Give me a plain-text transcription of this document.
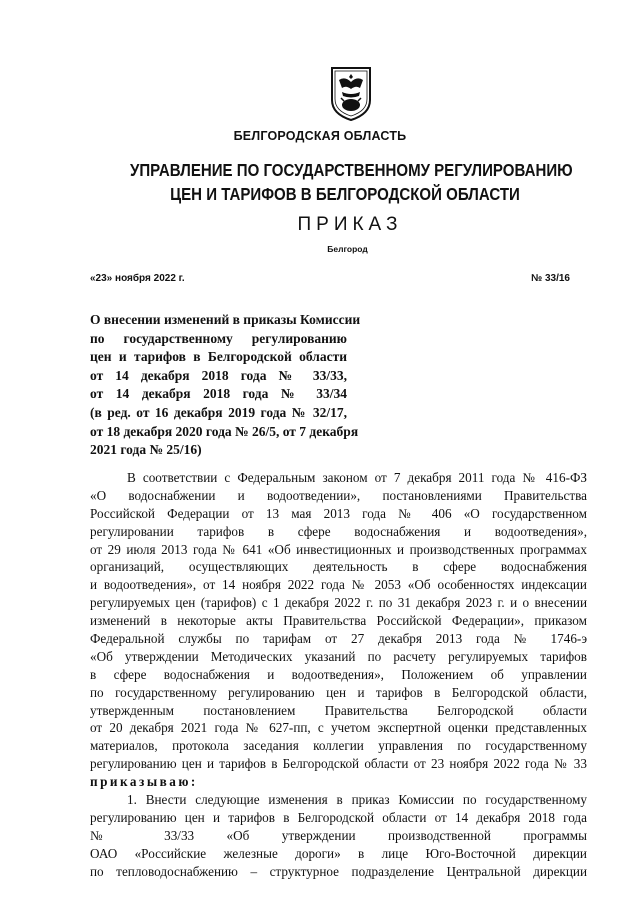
БЕЛГОРОДСКАЯ ОБЛАСТЬ
УПРАВЛЕНИЕ ПО ГОСУДАРСТВЕННОМУ РЕГУЛИРОВАНИЮ
ЦЕН И ТАРИФОВ В БЕЛГОРОДСКОЙ ОБЛАСТИ
ПРИКАЗ
Белгород
«23» ноября 2022 г.	№ 33/16
О внесении изменений в приказы Комиссии
по государственному регулированию
цен и тарифов в Белгородской области
от 14 декабря 2018 года № 33/33,
от 14 декабря 2018 года № 33/34
(в ред. от 16 декабря 2019 года № 32/17,
от 18 декабря 2020 года № 26/5, от 7 декабря
2021 года № 25/16)
В соответствии с Федеральным законом от 7 декабря 2011 года № 416-ФЗ
«О водоснабжении и водоотведении», постановлениями Правительства
Российской Федерации от 13 мая 2013 года № 406 «О государственном
регулировании тарифов в сфере водоснабжения и водоотведения»,
от 29 июля 2013 года № 641 «Об инвестиционных и производственных программах
организаций, осуществляющих деятельность в сфере водоснабжения
и водоотведения», от 14 ноября 2022 года № 2053 «Об особенностях индексации
регулируемых цен (тарифов) с 1 декабря 2022 г. по 31 декабря 2023 г. и о внесении
изменений в некоторые акты Правительства Российской Федерации», приказом
Федеральной службы по тарифам от 27 декабря 2013 года № 1746-э
«Об утверждении Методических указаний по расчету регулируемых тарифов
в сфере водоснабжения и водоотведения», Положением об управлении
по государственному регулированию цен и тарифов в Белгородской области,
утвержденным постановлением Правительства Белгородской области
от 20 декабря 2021 года № 627-пп, с учетом экспертной оценки представленных
материалов, протокола заседания коллегии управления по государственному
регулированию цен и тарифов в Белгородской области от 23 ноября 2022 года № 33
приказываю:
1. Внести следующие изменения в приказ Комиссии по государственному
регулированию цен и тарифов в Белгородской области от 14 декабря 2018 года
№ 33/33 «Об утверждении производственной программы
ОАО «Российские железные дороги» в лице Юго-Восточной дирекции
по тепловодоснабжению – структурное подразделение Центральной дирекции
